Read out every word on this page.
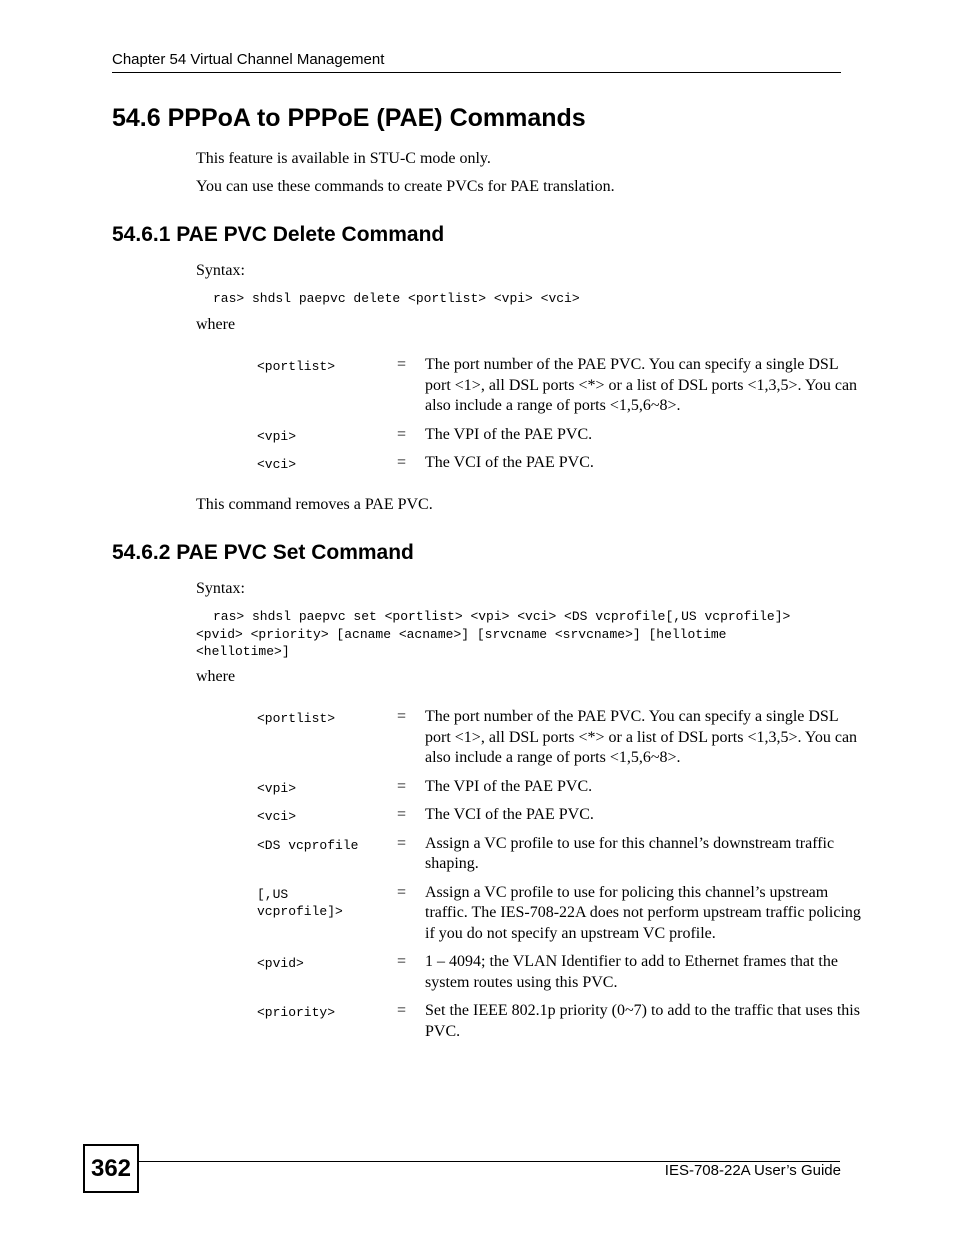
Chapter 54 Virtual Channel Management
54.6 PPPoA to PPPoE (PAE) Commands
This feature is available in STU-C mode only.
You can use these commands to create PVCs for PAE translation.
54.6.1 PAE PVC Delete Command
Syntax:
ras> shdsl paepvc delete <portlist> <vpi> <vci>
where
<portlist>	=	The port number of the PAE PVC. You can specify a single DSL port <1>, all DSL ports <*> or a list of DSL ports <1,3,5>. You can also include a range of ports <1,5,6~8>.

<vpi>	=	The VPI of the PAE PVC.

<vci>	=	The VCI of the PAE PVC.
This command removes a PAE PVC.
54.6.2 PAE PVC Set Command
Syntax:
ras> shdsl paepvc set <portlist> <vpi> <vci> <DS vcprofile[,US vcprofile]>
<pvid> <priority> [acname <acname>] [srvcname <srvcname>] [hellotime
<hellotime>]
where
<portlist>	=	The port number of the PAE PVC. You can specify a single DSL port <1>, all DSL ports <*> or a list of DSL ports <1,3,5>. You can also include a range of ports <1,5,6~8>.

<vpi>	=	The VPI of the PAE PVC.

<vci>	=	The VCI of the PAE PVC.

<DS vcprofile	=	Assign a VC profile to use for this channel’s downstream traffic shaping.

[,US vcprofile]>	=	Assign a VC profile to use for policing this channel’s upstream traffic. The IES-708-22A does not perform upstream traffic policing if you do not specify an upstream VC profile.

<pvid>	=	1 – 4094; the VLAN Identifier to add to Ethernet frames that the system routes using this PVC.

<priority>	=	Set the IEEE 802.1p priority (0~7) to add to the traffic that uses this PVC.
362	IES-708-22A User’s Guide
